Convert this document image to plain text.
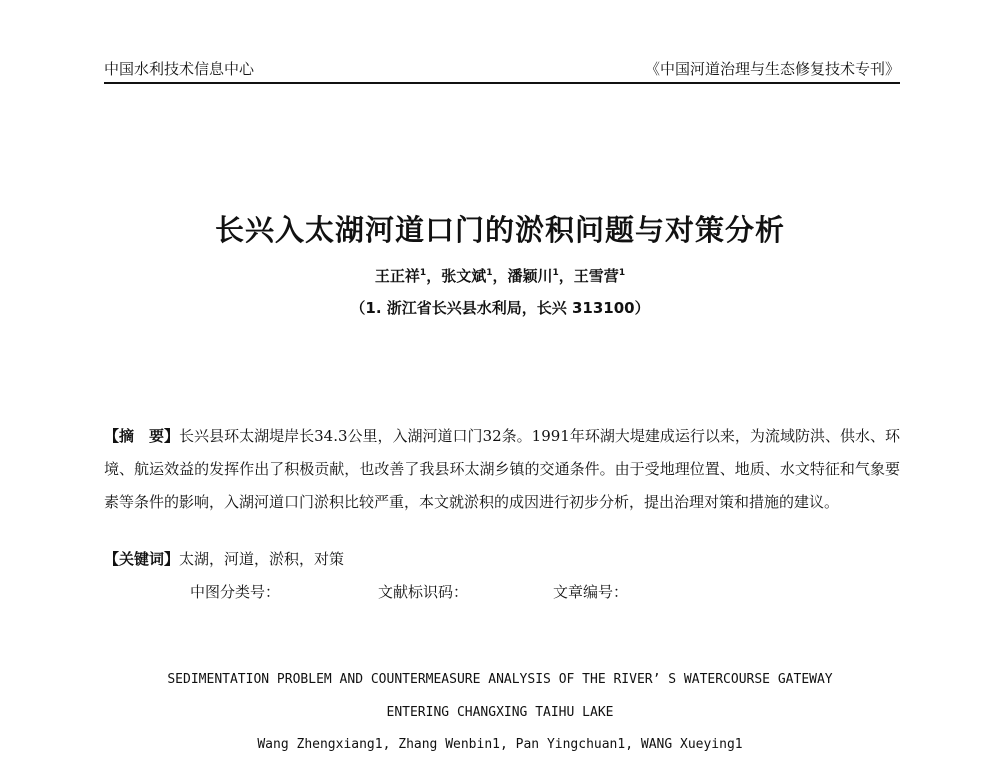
中国水利技术信息中心	《中国河道治理与生态修复技术专刊》
长兴入太湖河道口门的淤积问题与对策分析
王正祥$^1$，张文斌$^1$，潘颖川$^1$，王雪营$^1$
（1. 浙江省长兴县水利局，长兴 313100）
【摘　要】长兴县环太湖堤岸长34.3公里，入湖河道口门32条。1991年环湖大堤建成运行以来，为流域防洪、供水、环境、航运效益的发挥作出了积极贡献，也改善了我县环太湖乡镇的交通条件。由于受地理位置、地质、水文特征和气象要素等条件的影响，入湖河道口门淤积比较严重，本文就淤积的成因进行初步分析，提出治理对策和措施的建议。
【关键词】太湖，河道，淤积，对策
中图分类号：	文献标识码：	文章编号：
SEDIMENTATION PROBLEM AND COUNTERMEASURE ANALYSIS OF THE RIVER’ S WATERCOURSE GATEWAY
ENTERING CHANGXING TAIHU LAKE
Wang Zhengxiang1, Zhang Wenbin1, Pan Yingchuan1, WANG Xueying1
